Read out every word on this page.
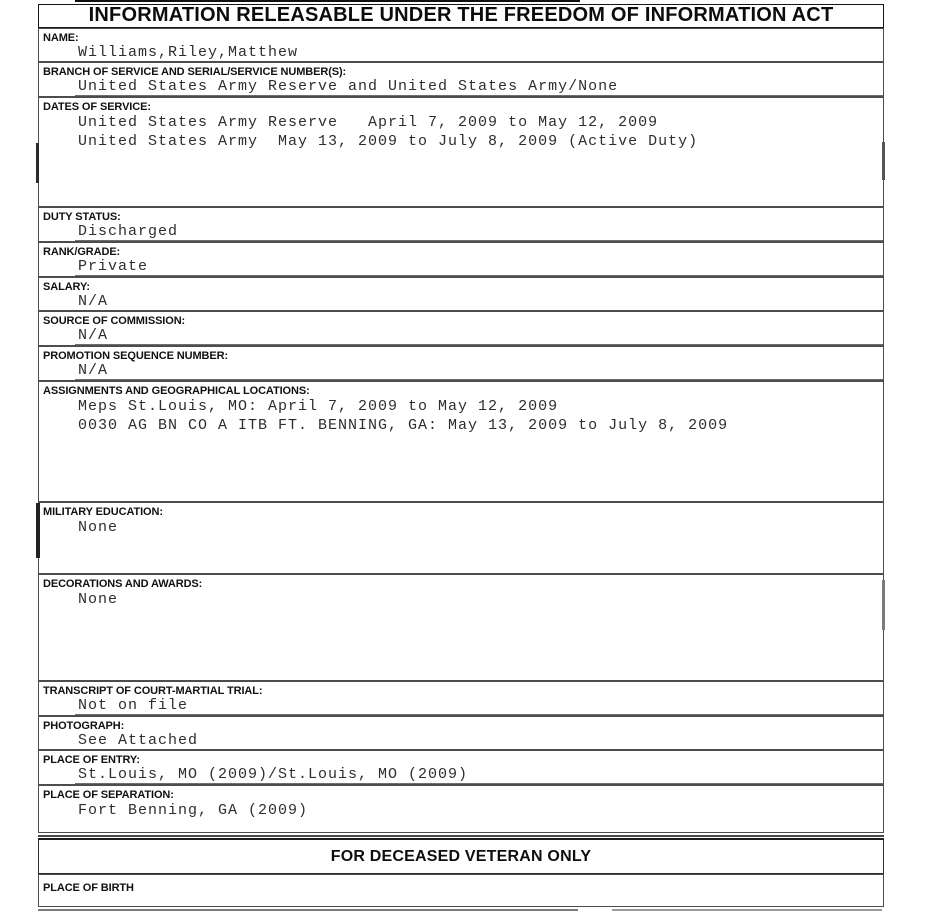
INFORMATION RELEASABLE UNDER THE FREEDOM OF INFORMATION ACT
NAME:
Williams,Riley,Matthew
BRANCH OF SERVICE AND SERIAL/SERVICE NUMBER(S):
United States Army Reserve and United States Army/None
DATES OF SERVICE:
United States Army Reserve   April 7, 2009 to May 12, 2009
United States Army  May 13, 2009 to July 8, 2009 (Active Duty)
DUTY STATUS:
Discharged
RANK/GRADE:
Private
SALARY:
N/A
SOURCE OF COMMISSION:
N/A
PROMOTION SEQUENCE NUMBER:
N/A
ASSIGNMENTS AND GEOGRAPHICAL LOCATIONS:
Meps St.Louis, MO: April 7, 2009 to May 12, 2009
0030 AG BN CO A ITB FT. BENNING, GA: May 13, 2009 to July 8, 2009
MILITARY EDUCATION:
None
DECORATIONS AND AWARDS:
None
TRANSCRIPT OF COURT-MARTIAL TRIAL:
Not on file
PHOTOGRAPH:
See Attached
PLACE OF ENTRY:
St.Louis, MO (2009)/St.Louis, MO (2009)
PLACE OF SEPARATION:
Fort Benning, GA (2009)
FOR DECEASED VETERAN ONLY
PLACE OF BIRTH
